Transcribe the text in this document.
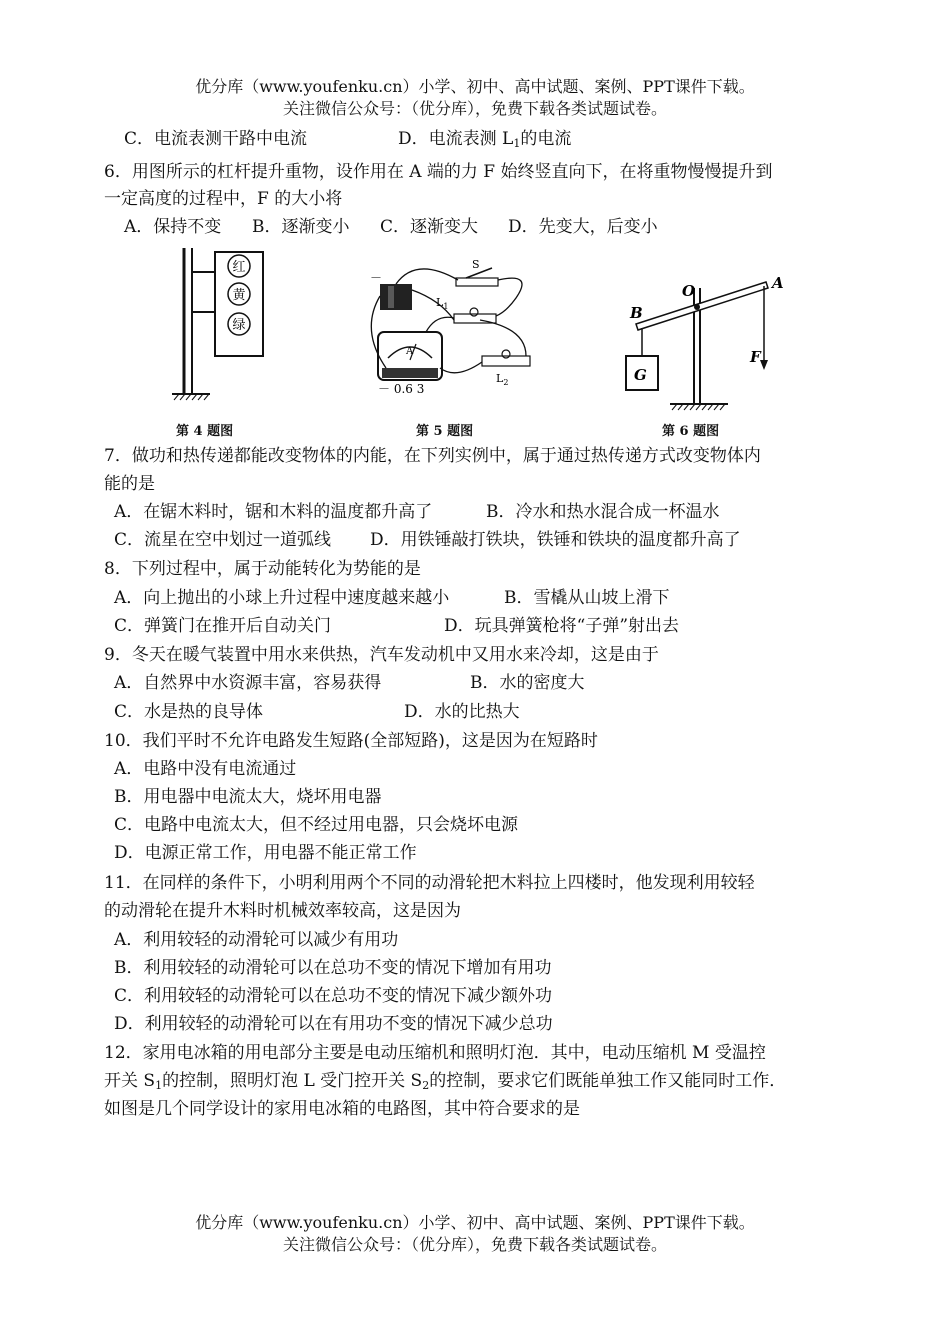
优分库（www.youfenku.cn）小学、初中、高中试题、案例、PPT课件下载。
关注微信公众号：（优分库），免费下载各类试题试卷。
C．电流表测干路中电流	D．电流表测 $L_1$的电流
6．用图所示的杠杆提升重物，设作用在 A 端的力 F 始终竖直向下，在将重物慢慢提升到
一定高度的过程中，F 的大小将
A．保持不变 B．逐渐变小 C．逐渐变大 D．先变大，后变小
红
黄
绿
第 4 题图
－
S
$L_1$
A
－ 0.6 3
$L_2$
第 5 题图
O	A
B
F
G
第 6 题图
7．做功和热传递都能改变物体的内能，在下列实例中，属于通过热传递方式改变物体内
能的是
A．在锯木料时，锯和木料的温度都升高了	B．冷水和热水混合成一杯温水
C．流星在空中划过一道弧线 D．用铁锤敲打铁块，铁锤和铁块的温度都升高了
8．下列过程中，属于动能转化为势能的是
A．向上抛出的小球上升过程中速度越来越小	B．雪橇从山坡上滑下
C．弹簧门在推开后自动关门	D．玩具弹簧枪将“子弹”射出去
9．冬天在暖气装置中用水来供热，汽车发动机中又用水来冷却，这是由于
A．自然界中水资源丰富，容易获得	B．水的密度大
C．水是热的良导体	D．水的比热大
10．我们平时不允许电路发生短路(全部短路)，这是因为在短路时
A．电路中没有电流通过
B．用电器中电流太大，烧坏用电器
C．电路中电流太大，但不经过用电器，只会烧坏电源
D．电源正常工作，用电器不能正常工作
11．在同样的条件下，小明利用两个不同的动滑轮把木料拉上四楼时，他发现利用较轻
的动滑轮在提升木料时机械效率较高，这是因为
A．利用较轻的动滑轮可以减少有用功
B．利用较轻的动滑轮可以在总功不变的情况下增加有用功
C．利用较轻的动滑轮可以在总功不变的情况下减少额外功
D．利用较轻的动滑轮可以在有用功不变的情况下减少总功
12．家用电冰箱的用电部分主要是电动压缩机和照明灯泡．其中，电动压缩机 M 受温控
开关 $S_1$的控制，照明灯泡 L 受门控开关 $S_2$的控制，要求它们既能单独工作又能同时工作．
如图是几个同学设计的家用电冰箱的电路图，其中符合要求的是
优分库（www.youfenku.cn）小学、初中、高中试题、案例、PPT课件下载。
关注微信公众号：（优分库），免费下载各类试题试卷。
